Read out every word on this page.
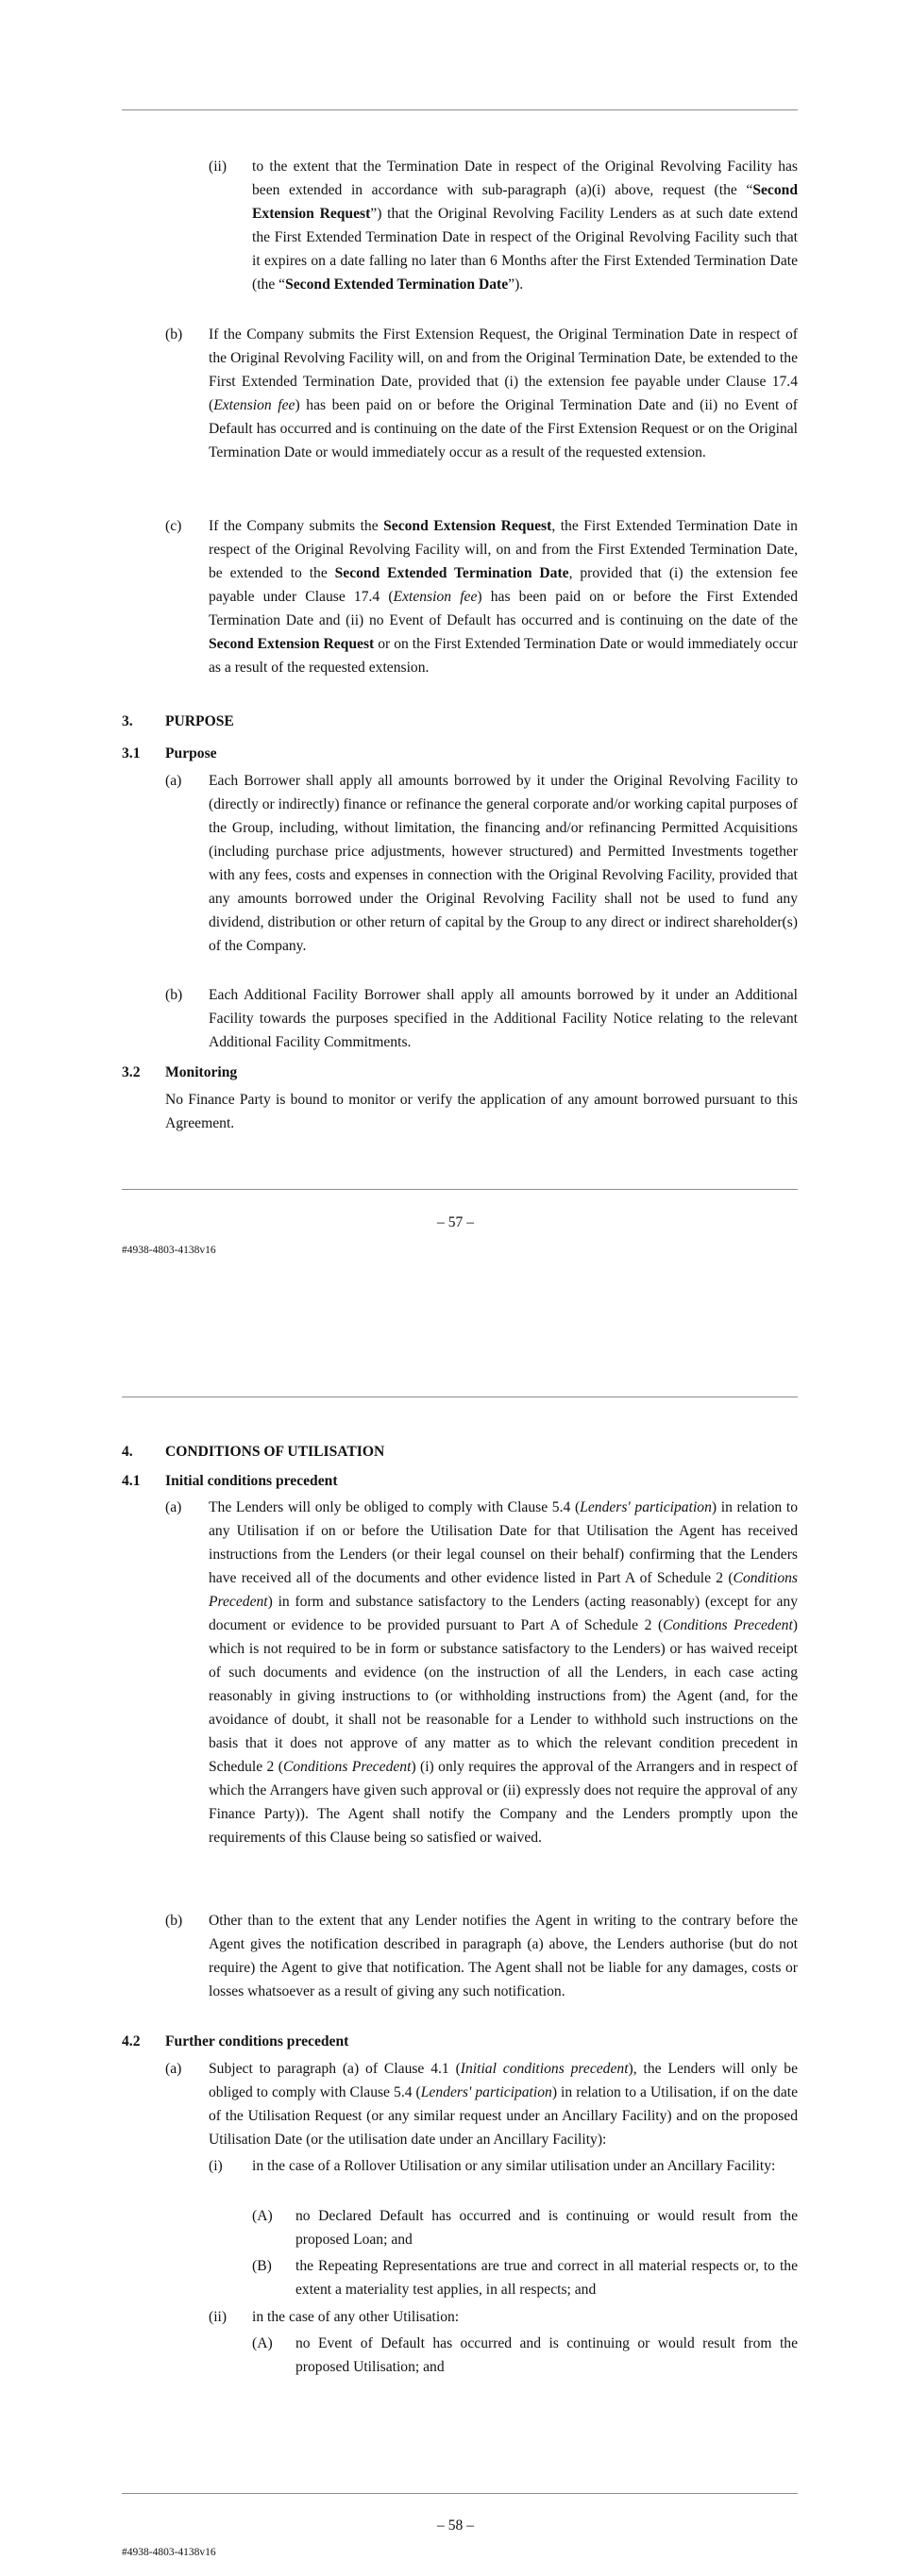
(ii) to the extent that the Termination Date in respect of the Original Revolving Facility has been extended in accordance with sub-paragraph (a)(i) above, request (the “Second Extension Request”) that the Original Revolving Facility Lenders as at such date extend the First Extended Termination Date in respect of the Original Revolving Facility such that it expires on a date falling no later than 6 Months after the First Extended Termination Date (the “Second Extended Termination Date”).

(b) If the Company submits the First Extension Request, the Original Termination Date in respect of the Original Revolving Facility will, on and from the Original Termination Date, be extended to the First Extended Termination Date, provided that (i) the extension fee payable under Clause 17.4 (Extension fee) has been paid on or before the Original Termination Date and (ii) no Event of Default has occurred and is continuing on the date of the First Extension Request or on the Original Termination Date or would immediately occur as a result of the requested extension.

(c) If the Company submits the Second Extension Request, the First Extended Termination Date in respect of the Original Revolving Facility will, on and from the First Extended Termination Date, be extended to the Second Extended Termination Date, provided that (i) the extension fee payable under Clause 17.4 (Extension fee) has been paid on or before the First Extended Termination Date and (ii) no Event of Default has occurred and is continuing on the date of the Second Extension Request or on the First Extended Termination Date or would immediately occur as a result of the requested extension.

3. PURPOSE
3.1 Purpose
(a) Each Borrower shall apply all amounts borrowed by it under the Original Revolving Facility to (directly or indirectly) finance or refinance the general corporate and/or working capital purposes of the Group, including, without limitation, the financing and/or refinancing Permitted Acquisitions (including purchase price adjustments, however structured) and Permitted Investments together with any fees, costs and expenses in connection with the Original Revolving Facility, provided that any amounts borrowed under the Original Revolving Facility shall not be used to fund any dividend, distribution or other return of capital by the Group to any direct or indirect shareholder(s) of the Company.

(b) Each Additional Facility Borrower shall apply all amounts borrowed by it under an Additional Facility towards the purposes specified in the Additional Facility Notice relating to the relevant Additional Facility Commitments.

3.2 Monitoring

No Finance Party is bound to monitor or verify the application of any amount borrowed pursuant to this Agreement.

– 57 –
#4938-4803-4138v16
4. CONDITIONS OF UTILISATION
4.1 Initial conditions precedent
(a) The Lenders will only be obliged to comply with Clause 5.4 (Lenders' participation) in relation to any Utilisation if on or before the Utilisation Date for that Utilisation the Agent has received instructions from the Lenders (or their legal counsel on their behalf) confirming that the Lenders have received all of the documents and other evidence listed in Part A of Schedule 2 (Conditions Precedent) in form and substance satisfactory to the Lenders (acting reasonably) (except for any document or evidence to be provided pursuant to Part A of Schedule 2 (Conditions Precedent) which is not required to be in form or substance satisfactory to the Lenders) or has waived receipt of such documents and evidence (on the instruction of all the Lenders, in each case acting reasonably in giving instructions to (or withholding instructions from) the Agent (and, for the avoidance of doubt, it shall not be reasonable for a Lender to withhold such instructions on the basis that it does not approve of any matter as to which the relevant condition precedent in Schedule 2 (Conditions Precedent) (i) only requires the approval of the Arrangers and in respect of which the Arrangers have given such approval or (ii) expressly does not require the approval of any Finance Party)). The Agent shall notify the Company and the Lenders promptly upon the requirements of this Clause being so satisfied or waived.

(b) Other than to the extent that any Lender notifies the Agent in writing to the contrary before the Agent gives the notification described in paragraph (a) above, the Lenders authorise (but do not require) the Agent to give that notification. The Agent shall not be liable for any damages, costs or losses whatsoever as a result of giving any such notification.

4.2 Further conditions precedent
(a) Subject to paragraph (a) of Clause 4.1 (Initial conditions precedent), the Lenders will only be obliged to comply with Clause 5.4 (Lenders' participation) in relation to a Utilisation, if on the date of the Utilisation Request (or any similar request under an Ancillary Facility) and on the proposed Utilisation Date (or the utilisation date under an Ancillary Facility):

(i) in the case of a Rollover Utilisation or any similar utilisation under an Ancillary Facility:

(A) no Declared Default has occurred and is continuing or would result from the proposed Loan; and

(B) the Repeating Representations are true and correct in all material respects or, to the extent a materiality test applies, in all respects; and

(ii) in the case of any other Utilisation:

(A) no Event of Default has occurred and is continuing or would result from the proposed Utilisation; and

– 58 –
#4938-4803-4138v16
